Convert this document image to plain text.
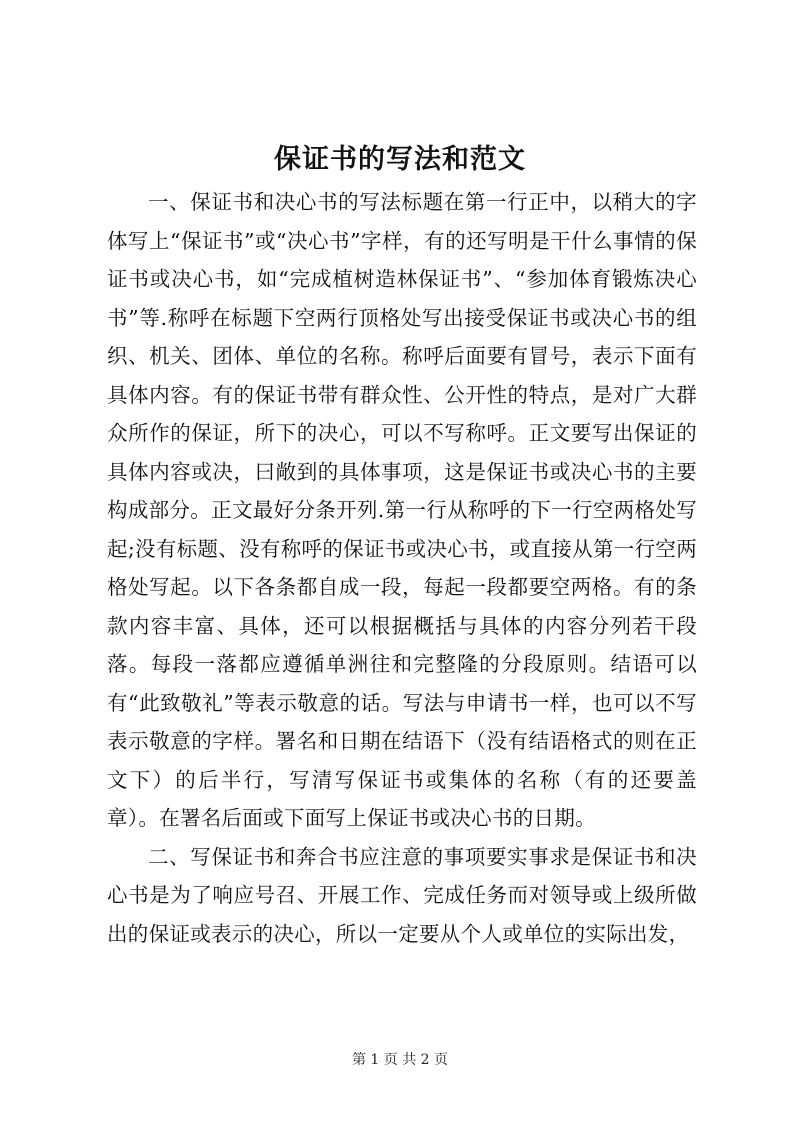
保证书的写法和范文

一、保证书和决心书的写法标题在第一行正中，以稍大的字体写上“保证书”或“决心书”字样，有的还写明是干什么事情的保证书或决心书，如“完成植树造林保证书”、“参加体育锻炼决心书”等.称呼在标题下空两行顶格处写出接受保证书或决心书的组织、机关、团体、单位的名称。称呼后面要有冒号，表示下面有具体内容。有的保证书带有群众性、公开性的特点，是对广大群众所作的保证，所下的决心，可以不写称呼。正文要写出保证的具体内容或决，曰敞到的具体事项，这是保证书或决心书的主要构成部分。正文最好分条开列.第一行从称呼的下一行空两格处写起;没有标题、没有称呼的保证书或决心书，或直接从第一行空两格处写起。以下各条都自成一段，每起一段都要空两格。有的条款内容丰富、具体，还可以根据概括与具体的内容分列若干段落。每段一落都应遵循单洲往和完整隆的分段原则。结语可以有“此致敬礼”等表示敬意的话。写法与申请书一样，也可以不写表示敬意的字样。署名和日期在结语下（没有结语格式的则在正文下）的后半行，写清写保证书或集体的名称（有的还要盖章）。在署名后面或下面写上保证书或决心书的日期。

二、写保证书和奔合书应注意的事项要实事求是保证书和决心书是为了响应号召、开展工作、完成任务而对领导或上级所做出的保证或表示的决心，所以一定要从个人或单位的实际出发，

第 1 页 共 2 页
